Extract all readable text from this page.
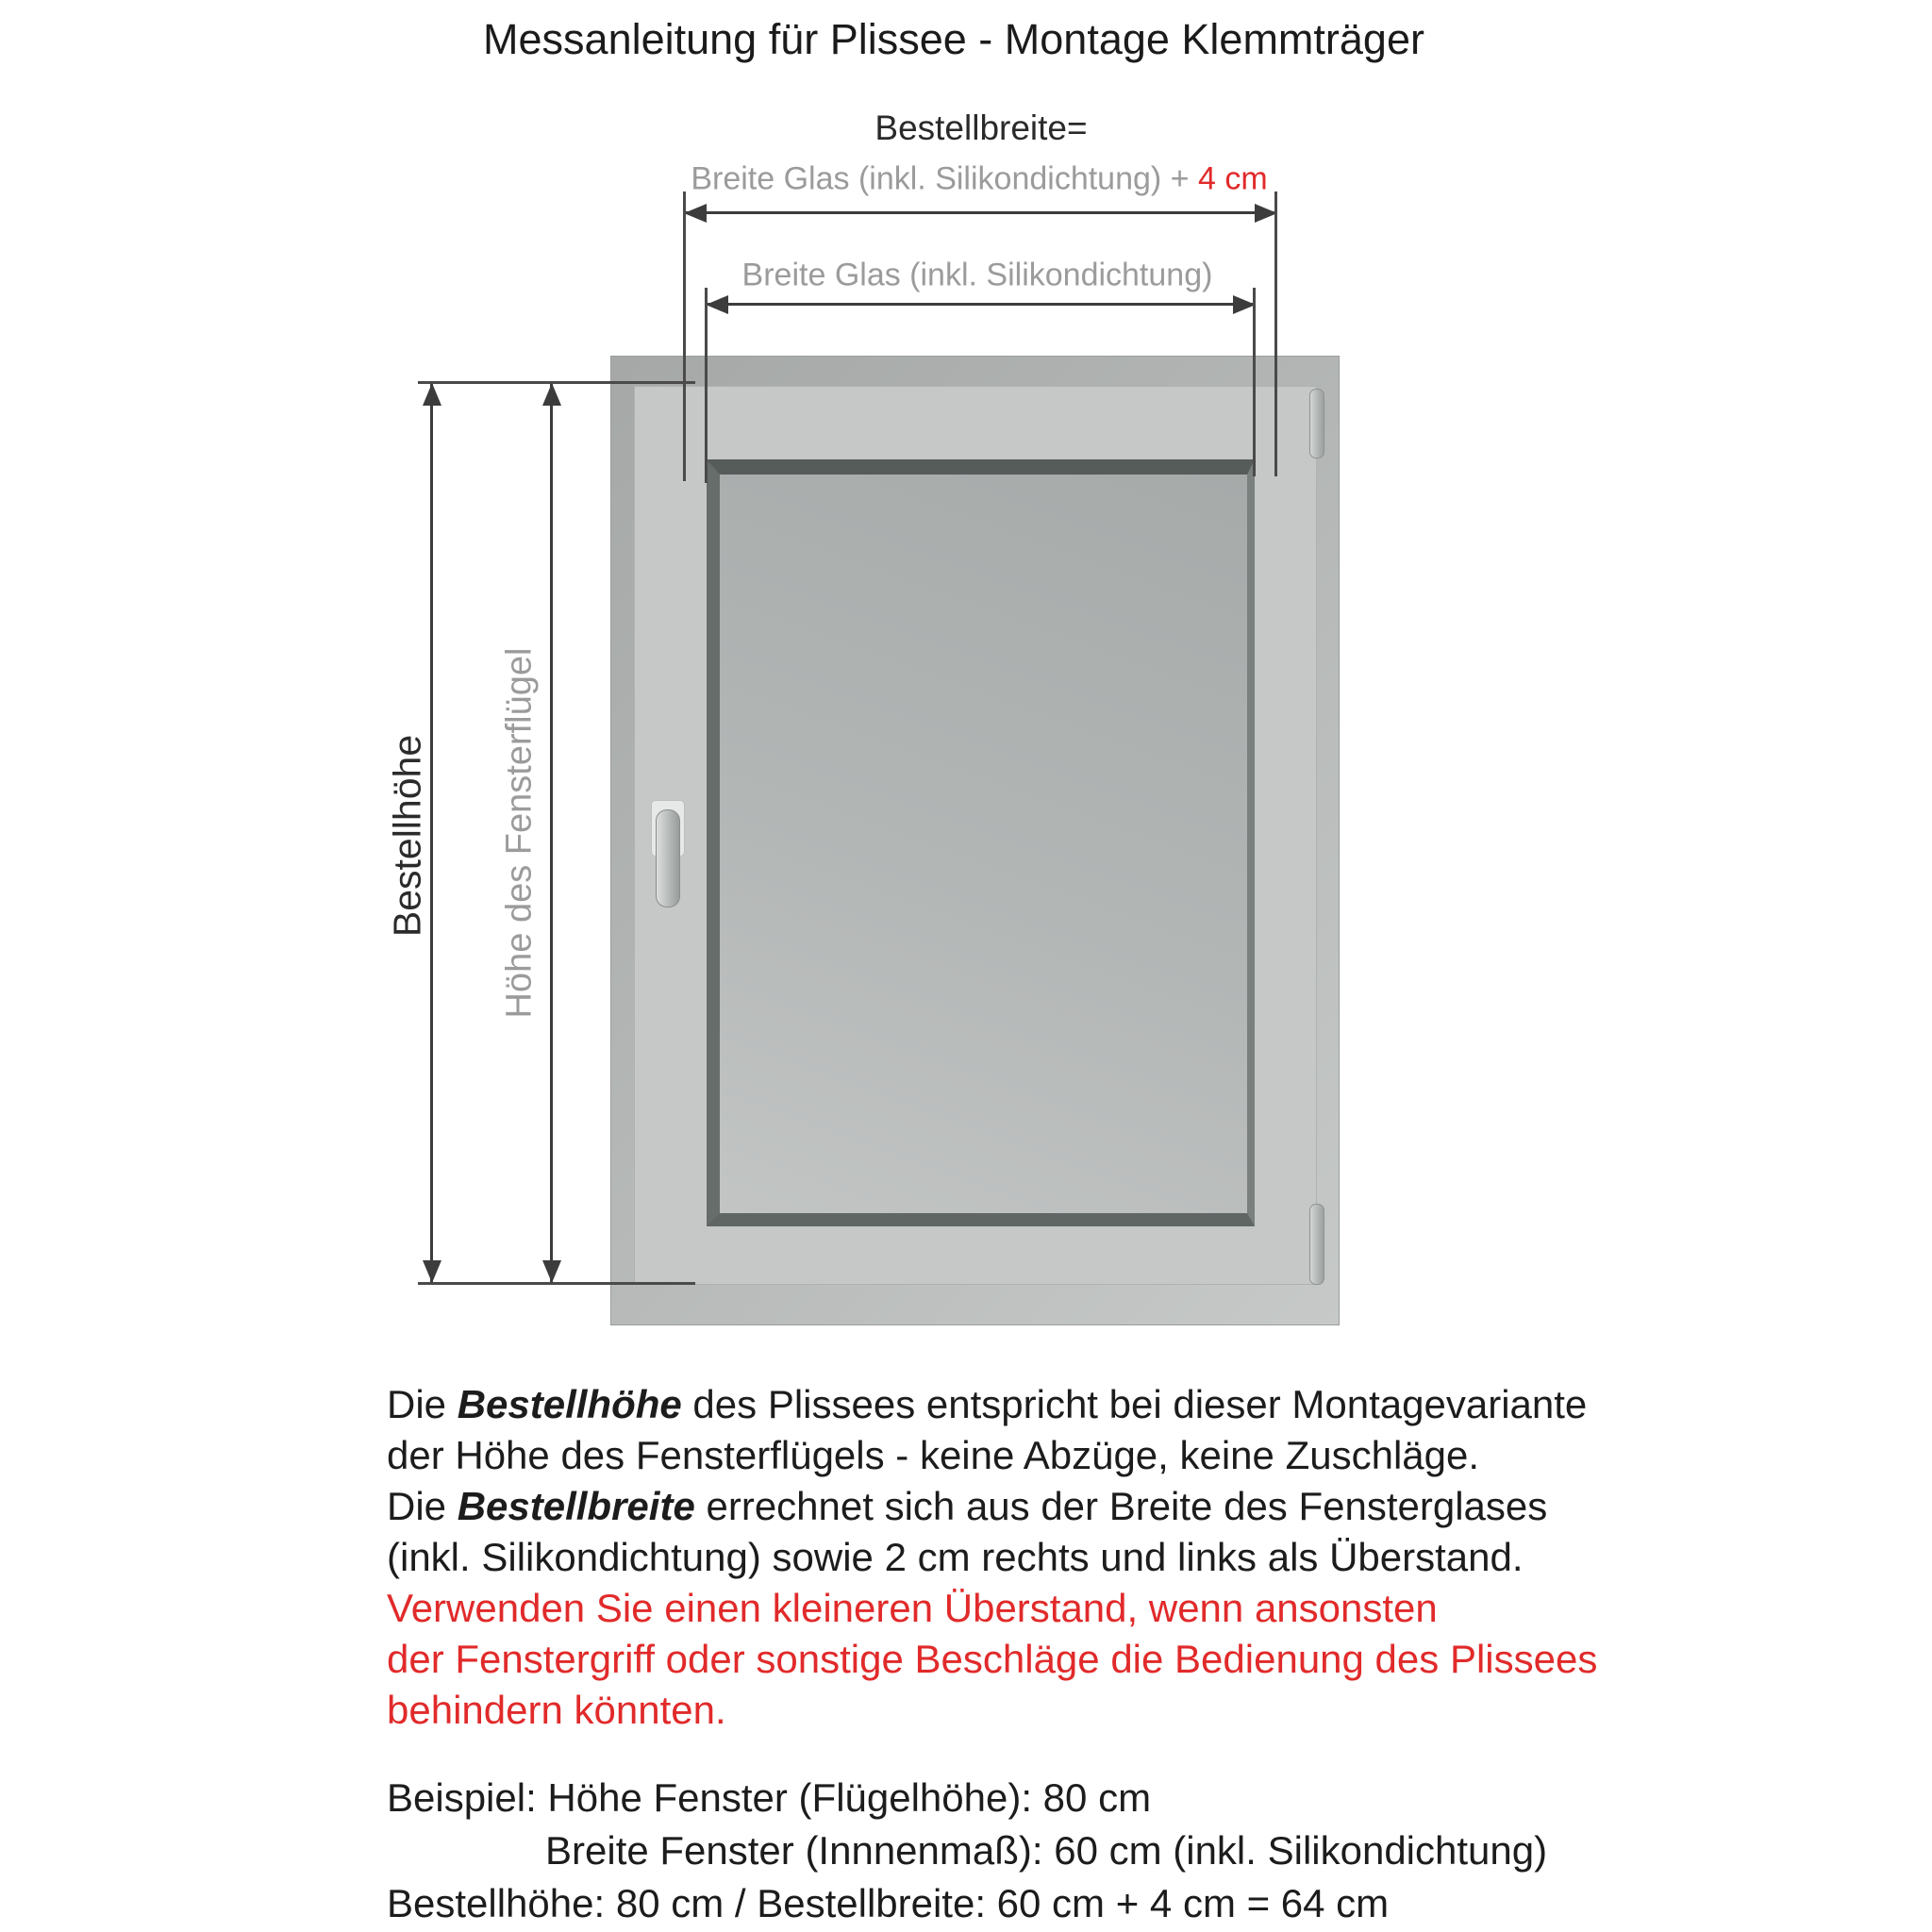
Messanleitung für Plissee - Montage Klemmträger
Bestellbreite=
Breite Glas (inkl. Silikondichtung) + 4 cm
Breite Glas (inkl. Silikondichtung)
Bestellhöhe Höhe des Fensterflügel
Die Bestellhöhe des Plissees entspricht bei dieser Montagevariante
der Höhe des Fensterflügels - keine Abzüge, keine Zuschläge.
Die Bestellbreite errechnet sich aus der Breite des Fensterglases
(inkl. Silikondichtung) sowie 2 cm rechts und links als Überstand.
Verwenden Sie einen kleineren Überstand, wenn ansonsten
der Fenstergriff oder sonstige Beschläge die Bedienung des Plissees
behindern könnten.
Beispiel: Höhe Fenster (Flügelhöhe): 80 cm
Breite Fenster (Innnenmaß): 60 cm (inkl. Silikondichtung)
Bestellhöhe: 80 cm / Bestellbreite: 60 cm + 4 cm = 64 cm
